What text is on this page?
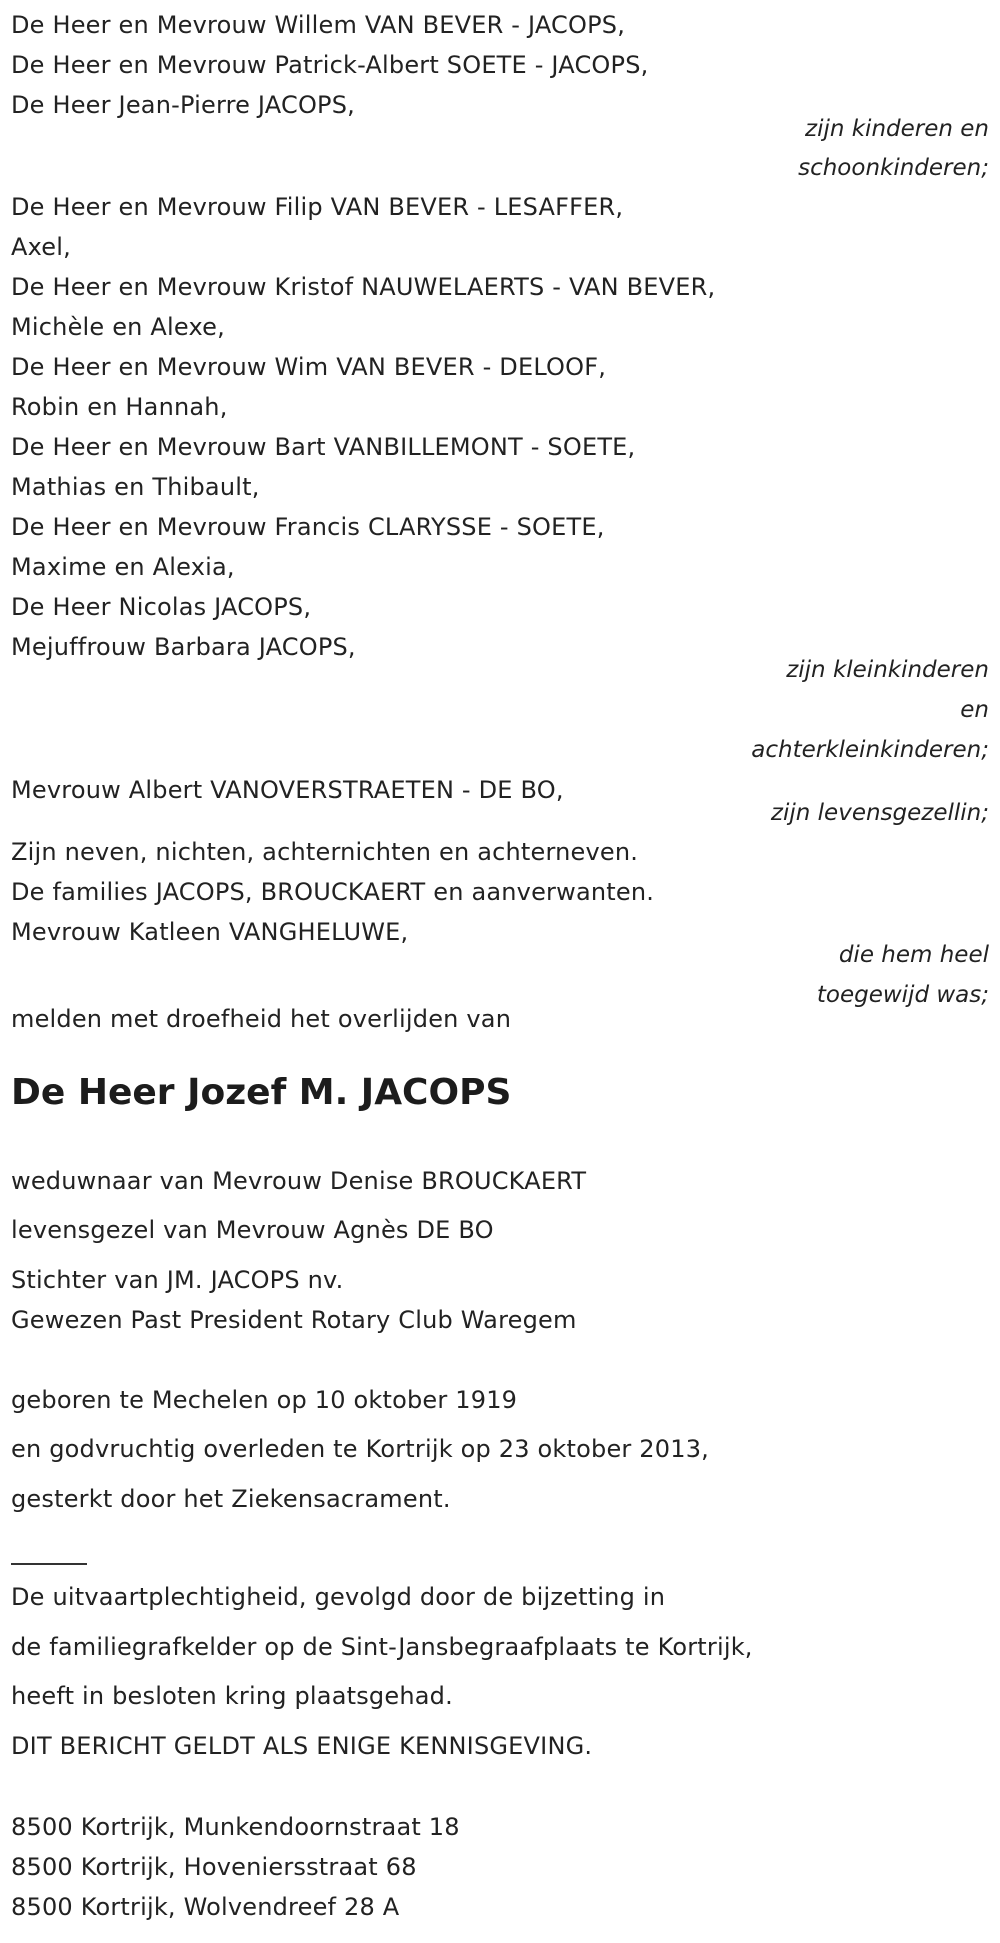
De Heer en Mevrouw Willem VAN BEVER - JACOPS,

De Heer en Mevrouw Patrick-Albert SOETE - JACOPS,

De Heer Jean-Pierre JACOPS,

zijn kinderen en

schoonkinderen;

De Heer en Mevrouw Filip VAN BEVER - LESAFFER,

Axel,

De Heer en Mevrouw Kristof NAUWELAERTS - VAN BEVER,

Michèle en Alexe,

De Heer en Mevrouw Wim VAN BEVER - DELOOF,

Robin en Hannah,

De Heer en Mevrouw Bart VANBILLEMONT - SOETE,

Mathias en Thibault,

De Heer en Mevrouw Francis CLARYSSE - SOETE,

Maxime en Alexia,

De Heer Nicolas JACOPS,

Mejuffrouw Barbara JACOPS,

zijn kleinkinderen

en

achterkleinkinderen;

Mevrouw Albert VANOVERSTRAETEN - DE BO,

zijn levensgezellin;

Zijn neven, nichten, achternichten en achterneven.

De families JACOPS, BROUCKAERT en aanverwanten.

Mevrouw Katleen VANGHELUWE,

die hem heel

toegewijd was;

melden met droefheid het overlijden van

De Heer Jozef M. JACOPS

weduwnaar van Mevrouw Denise BROUCKAERT

levensgezel van Mevrouw Agnès DE BO

Stichter van JM. JACOPS nv.

Gewezen Past President Rotary Club Waregem

geboren te Mechelen op 10 oktober 1919

en godvruchtig overleden te Kortrijk op 23 oktober 2013,

gesterkt door het Ziekensacrament.

De uitvaartplechtigheid, gevolgd door de bijzetting in

de familiegrafkelder op de Sint-Jansbegraafplaats te Kortrijk,

heeft in besloten kring plaatsgehad.

DIT BERICHT GELDT ALS ENIGE KENNISGEVING.

8500 Kortrijk, Munkendoornstraat 18

8500 Kortrijk, Hoveniersstraat 68

8500 Kortrijk, Wolvendreef 28 A
